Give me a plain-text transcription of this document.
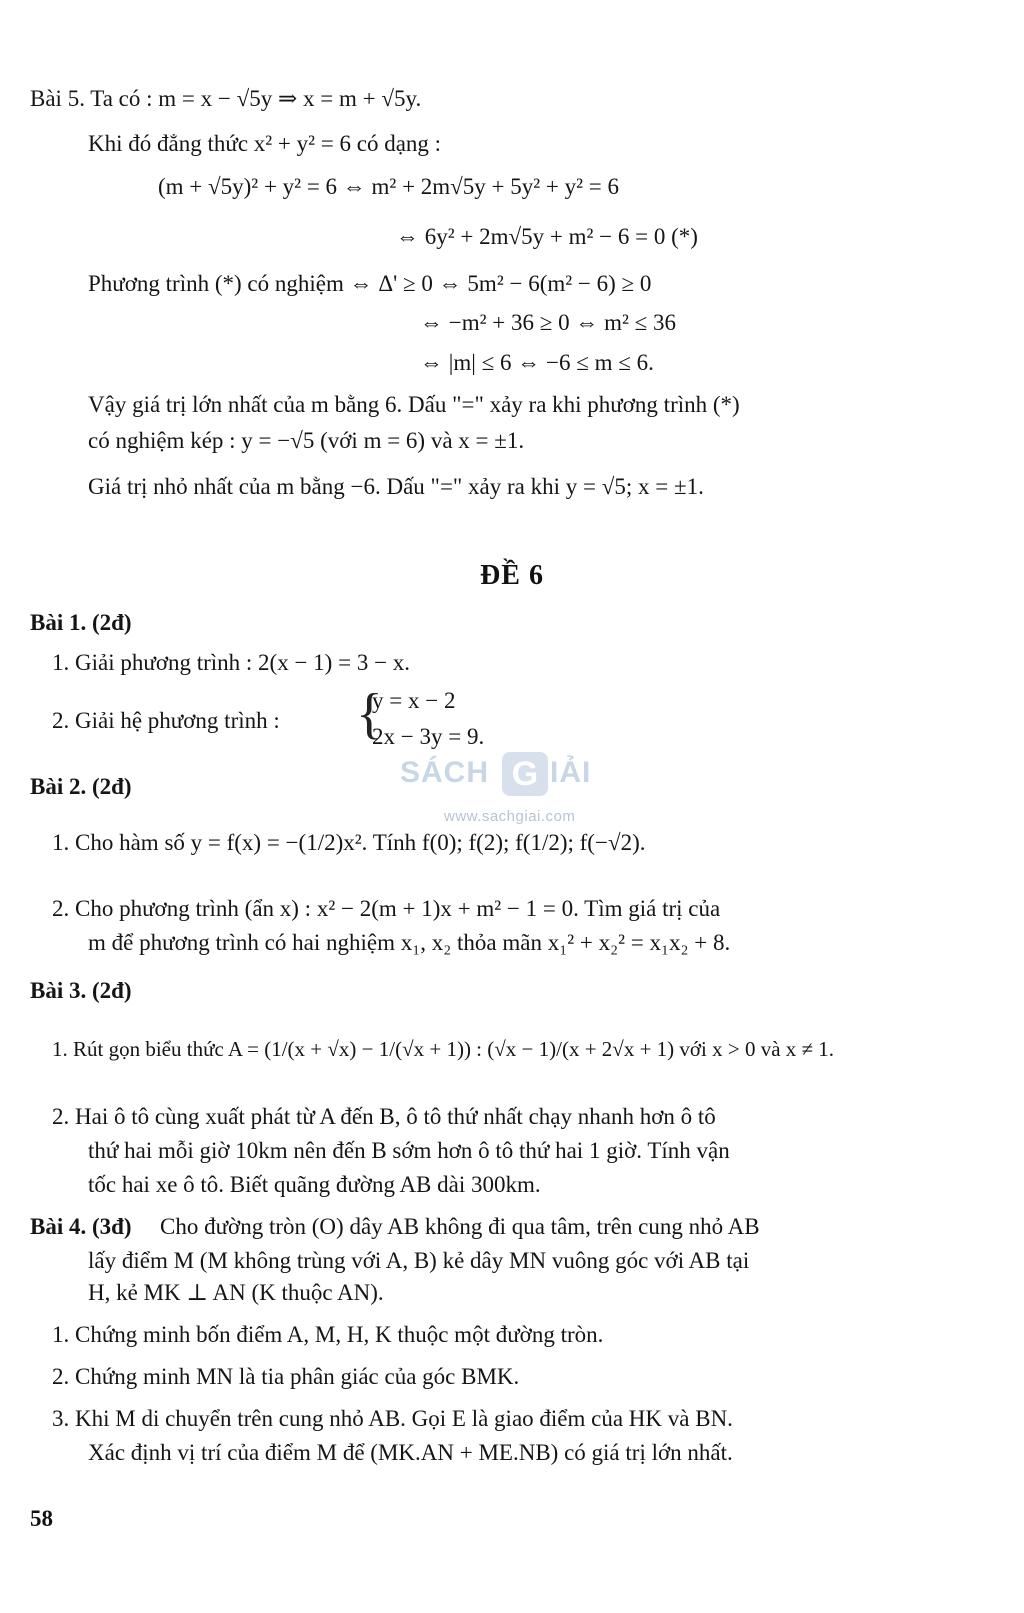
Bài 5. Ta có : m = x − √5y ⇒ x = m + √5y.
Khi đó đẳng thức x² + y² = 6 có dạng :
(m + √5y)² + y² = 6 ⇔ m² + 2m√5y + 5y² + y² = 6
⇔ 6y² + 2m√5y + m² − 6 = 0 (*)
Phương trình (*) có nghiệm ⇔ Δ' ≥ 0 ⇔ 5m² − 6(m² − 6) ≥ 0
⇔ −m² + 36 ≥ 0 ⇔ m² ≤ 36
⇔ |m| ≤ 6 ⇔ −6 ≤ m ≤ 6.
Vậy giá trị lớn nhất của m bằng 6. Dấu "=" xảy ra khi phương trình (*)
có nghiệm kép : y = −√5 (với m = 6) và x = ±1.
Giá trị nhỏ nhất của m bằng −6. Dấu "=" xảy ra khi y = √5; x = ±1.
ĐỀ 6
Bài 1. (2đ)
1. Giải phương trình : 2(x − 1) = 3 − x.
2. Giải hệ phương trình : {
y = x − 2
2x − 3y = 9.
SÁCH G IẢI
www.sachgiai.com
Bài 2. (2đ)
1. Cho hàm số y = f(x) = −(1/2)x². Tính f(0); f(2); f(1/2); f(−√2).
2. Cho phương trình (ẩn x) : x² − 2(m + 1)x + m² − 1 = 0. Tìm giá trị của
m để phương trình có hai nghiệm x₁, x₂ thỏa mãn x₁² + x₂² = x₁x₂ + 8.
Bài 3. (2đ)
1. Rút gọn biểu thức A = (1/(x + √x) − 1/(√x + 1)) : (√x − 1)/(x + 2√x + 1) với x > 0 và x ≠ 1.
2. Hai ô tô cùng xuất phát từ A đến B, ô tô thứ nhất chạy nhanh hơn ô tô
thứ hai mỗi giờ 10km nên đến B sớm hơn ô tô thứ hai 1 giờ. Tính vận
tốc hai xe ô tô. Biết quãng đường AB dài 300km.
Bài 4. (3đ) Cho đường tròn (O) dây AB không đi qua tâm, trên cung nhỏ AB
lấy điểm M (M không trùng với A, B) kẻ dây MN vuông góc với AB tại
H, kẻ MK ⊥ AN (K thuộc AN).
1. Chứng minh bốn điểm A, M, H, K thuộc một đường tròn.
2. Chứng minh MN là tia phân giác của góc BMK.
3. Khi M di chuyển trên cung nhỏ AB. Gọi E là giao điểm của HK và BN.
Xác định vị trí của điểm M để (MK.AN + ME.NB) có giá trị lớn nhất.
58
